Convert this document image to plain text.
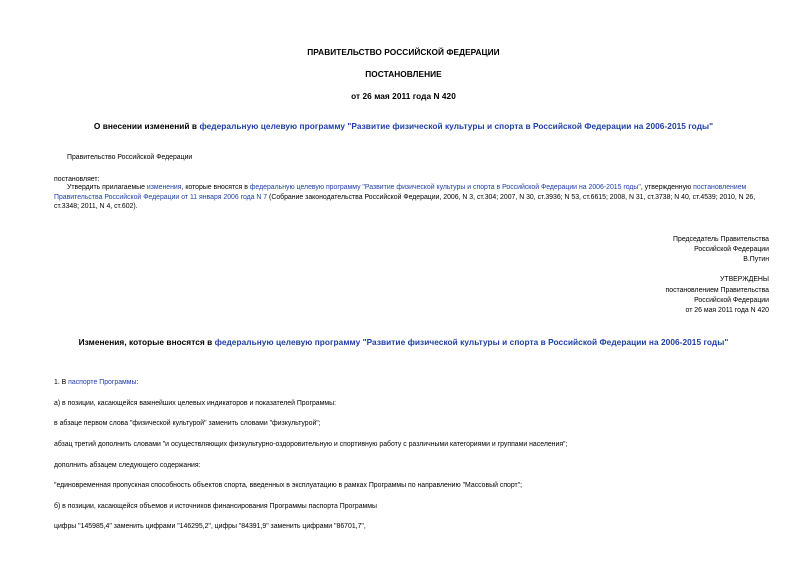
ПРАВИТЕЛЬСТВО РОССИЙСКОЙ ФЕДЕРАЦИИ
ПОСТАНОВЛЕНИЕ
от 26 мая 2011 года N 420
О внесении изменений в федеральную целевую программу "Развитие физической культуры и спорта в Российской Федерации на 2006-2015 годы"
Правительство Российской Федерации
постановляет:
Утвердить прилагаемые изменения, которые вносятся в федеральную целевую программу "Развитие физической культуры и спорта в Российской Федерации на 2006-2015 годы", утвержденную постановлением Правительства Российской Федерации от 11 января 2006 года N 7 (Собрание законодательства Российской Федерации, 2006, N 3, ст.304; 2007, N 30, ст.3936; N 53, ст.6615; 2008, N 31, ст.3738; N 40, ст.4539; 2010, N 26, ст.3348; 2011, N 4, ст.602).
Председатель Правительства
Российской Федерации
В.Путин
УТВЕРЖДЕНЫ
постановлением Правительства
Российской Федерации
от 26 мая 2011 года N 420
Изменения, которые вносятся в федеральную целевую программу "Развитие физической культуры и спорта в Российской Федерации на 2006-2015 годы"
1. В паспорте Программы:
а) в позиции, касающейся важнейших целевых индикаторов и показателей Программы:
в абзаце первом слова "физической культурой" заменить словами "физкультурой";
абзац третий дополнить словами "и осуществляющих физкультурно-оздоровительную и спортивную работу с различными категориями и группами населения";
дополнить абзацем следующего содержания:
"единовременная пропускная способность объектов спорта, введенных в эксплуатацию в рамках Программы по направлению "Массовый спорт";
б) в позиции, касающейся объемов и источников финансирования Программы паспорта Программы
цифры "145985,4" заменить цифрами "146295,2", цифры "84391,9" заменить цифрами "86701,7",
